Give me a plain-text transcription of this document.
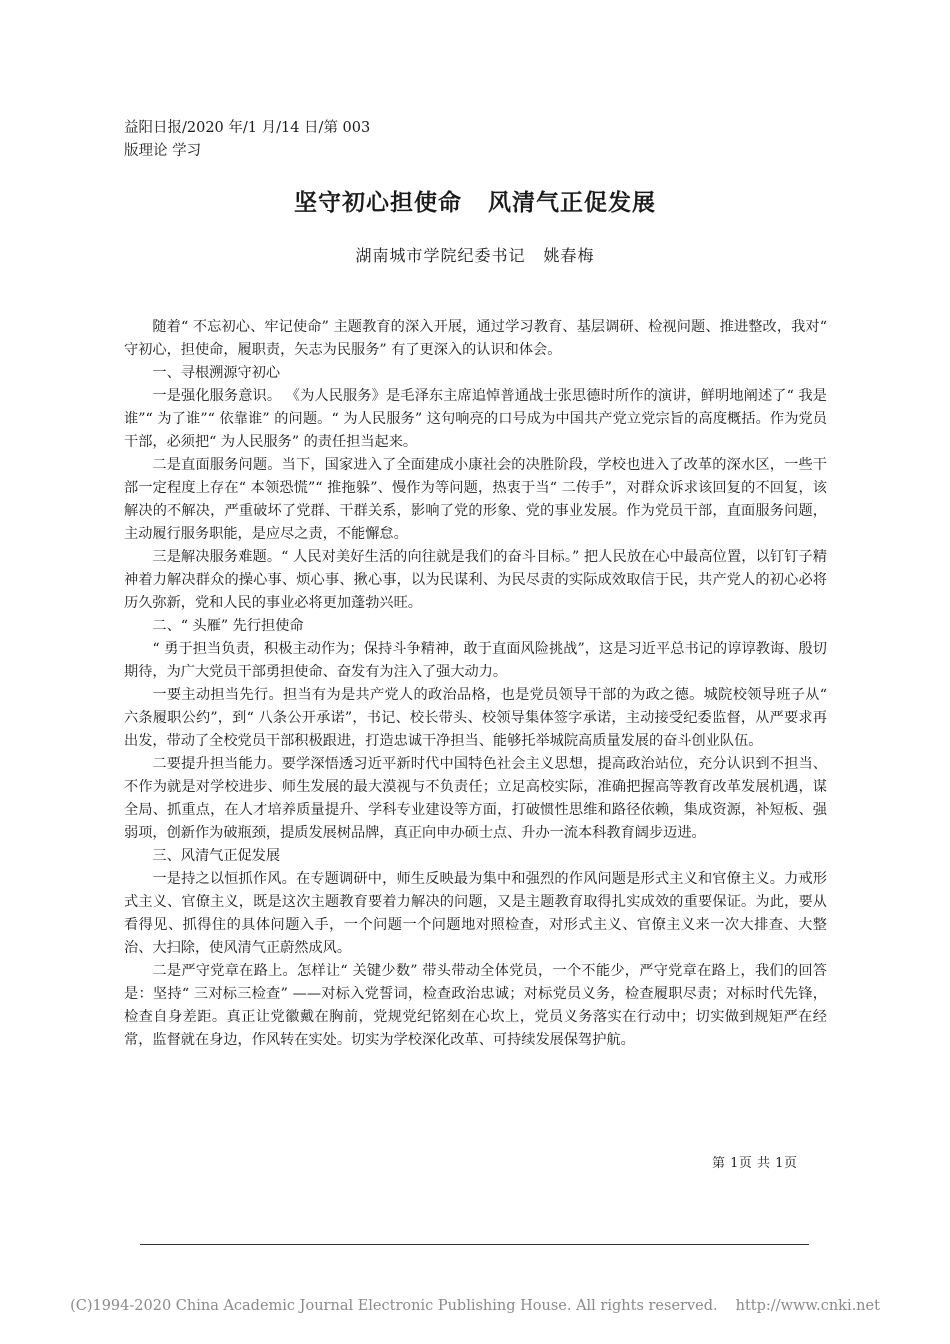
益阳日报/2020 年/1 月/14 日/第 003
版理论 学习
坚守初心担使命 风清气正促发展
湖南城市学院纪委书记 姚春梅

随着“ 不忘初心、牢记使命” 主题教育的深入开展，通过学习教育、基层调研、检视问题、推进整改，我对“ 守初心，担使命，履职责，矢志为民服务” 有了更深入的认识和体会。

一、寻根溯源守初心

一是强化服务意识。 《为人民服务》是毛泽东主席追悼普通战士张思德时所作的演讲，鲜明地阐述了“ 我是谁”“ 为了谁”“ 依靠谁” 的问题。“ 为人民服务” 这句响亮的口号成为中国共产党立党宗旨的高度概括。作为党员干部，必须把“ 为人民服务” 的责任担当起来。

二是直面服务问题。当下，国家进入了全面建成小康社会的决胜阶段，学校也进入了改革的深水区，一些干部一定程度上存在“ 本领恐慌”“ 推拖躲”、慢作为等问题，热衷于当“ 二传手”，对群众诉求该回复的不回复，该解决的不解决，严重破坏了党群、干群关系，影响了党的形象、党的事业发展。作为党员干部，直面服务问题，主动履行服务职能，是应尽之责，不能懈怠。

三是解决服务难题。“ 人民对美好生活的向往就是我们的奋斗目标。” 把人民放在心中最高位置，以钉钉子精神着力解决群众的操心事、烦心事、揪心事，以为民谋利、为民尽责的实际成效取信于民，共产党人的初心必将历久弥新，党和人民的事业必将更加蓬勃兴旺。

二、“ 头雁” 先行担使命

“ 勇于担当负责，积极主动作为；保持斗争精神，敢于直面风险挑战”，这是习近平总书记的谆谆教诲、殷切期待，为广大党员干部勇担使命、奋发有为注入了强大动力。

一要主动担当先行。担当有为是共产党人的政治品格，也是党员领导干部的为政之德。城院校领导班子从“ 六条履职公约”，到“ 八条公开承诺”，书记、校长带头、校领导集体签字承诺，主动接受纪委监督，从严要求再出发，带动了全校党员干部积极跟进，打造忠诚干净担当、能够托举城院高质量发展的奋斗创业队伍。

二要提升担当能力。要学深悟透习近平新时代中国特色社会主义思想，提高政治站位，充分认识到不担当、不作为就是对学校进步、师生发展的最大漠视与不负责任；立足高校实际，准确把握高等教育改革发展机遇，谋全局、抓重点，在人才培养质量提升、学科专业建设等方面，打破惯性思维和路径依赖，集成资源，补短板、强弱项，创新作为破瓶颈，提质发展树品牌，真正向申办硕士点、升办一流本科教育阔步迈进。

三、风清气正促发展

一是持之以恒抓作风。在专题调研中，师生反映最为集中和强烈的作风问题是形式主义和官僚主义。力戒形式主义、官僚主义，既是这次主题教育要着力解决的问题，又是主题教育取得扎实成效的重要保证。为此，要从看得见、抓得住的具体问题入手，一个问题一个问题地对照检查，对形式主义、官僚主义来一次大排查、大整治、大扫除，使风清气正蔚然成风。

二是严守党章在路上。怎样让“ 关键少数” 带头带动全体党员，一个不能少，严守党章在路上，我们的回答是：坚持“ 三对标三检查” ——对标入党誓词，检查政治忠诚；对标党员义务，检查履职尽责；对标时代先锋，检查自身差距。真正让党徽戴在胸前，党规党纪铭刻在心坎上，党员义务落实在行动中；切实做到规矩严在经常，监督就在身边，作风转在实处。切实为学校深化改革、可持续发展保驾护航。

第 1页 共 1页
(C)1994-2020 China Academic Journal Electronic Publishing House. All rights reserved. http://www.cnki.net
